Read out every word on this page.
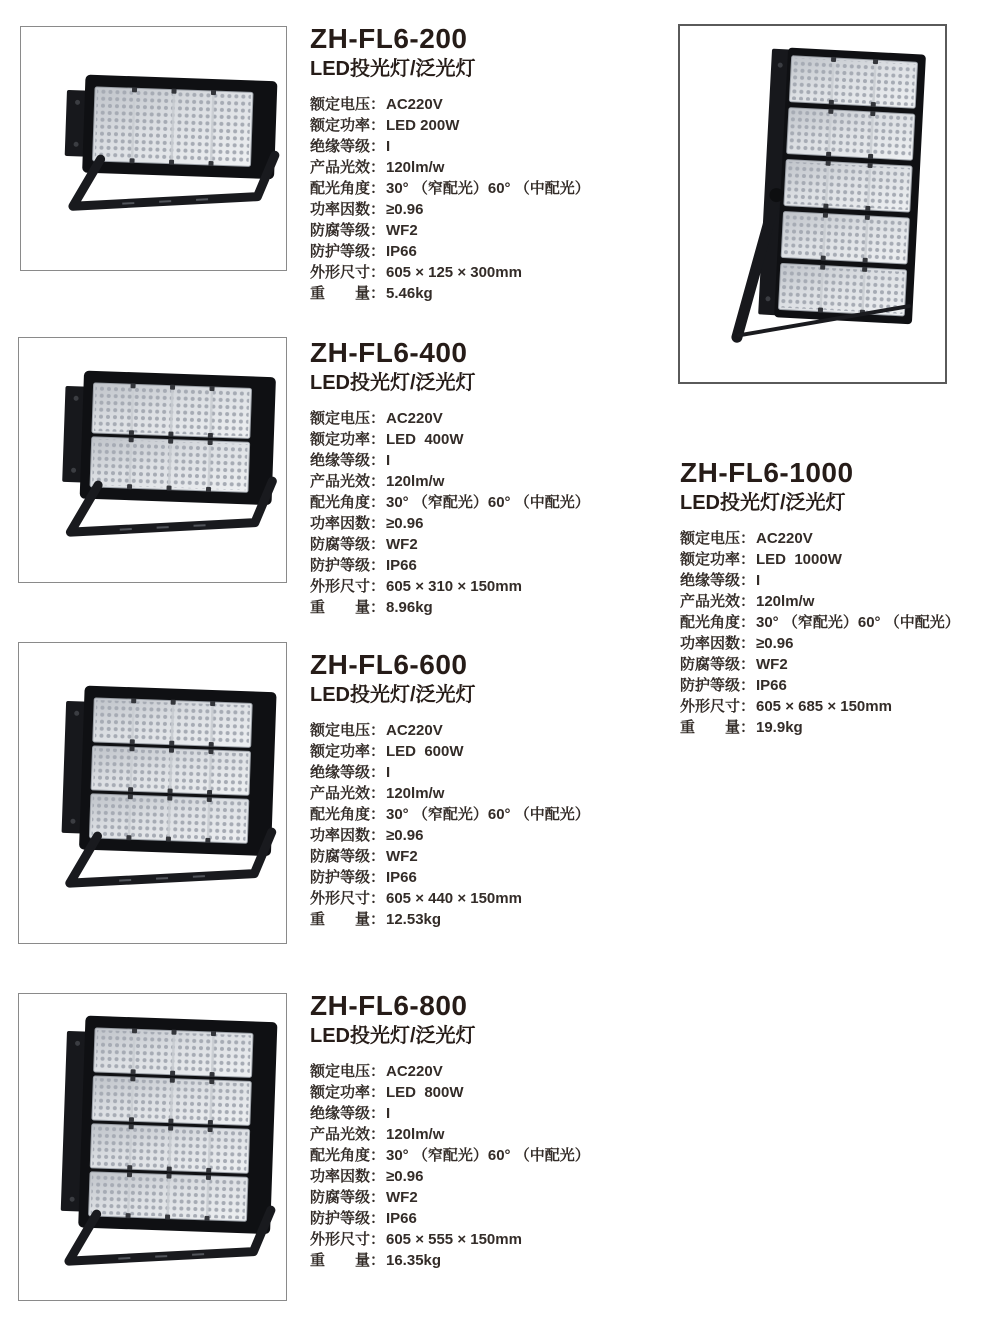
ZH-FL6-200
LED投光灯/泛光灯
额定电压：AC220V
额定功率：LED 200W
绝缘等级：I
产品光效：120lm/w
配光角度：30° （窄配光）60° （中配光）
功率因数：≥0.96
防腐等级：WF2
防护等级：IP66
外形尺寸：605 × 125 × 300mm
重　　量：5.46kg
ZH-FL6-400
LED投光灯/泛光灯
额定电压：AC220V
额定功率：LED  400W
绝缘等级：I
产品光效：120lm/w
配光角度：30° （窄配光）60° （中配光）
功率因数：≥0.96
防腐等级：WF2
防护等级：IP66
外形尺寸：605 × 310 × 150mm
重　　量：8.96kg
ZH-FL6-600
LED投光灯/泛光灯
额定电压：AC220V
额定功率：LED  600W
绝缘等级：I
产品光效：120lm/w
配光角度：30° （窄配光）60° （中配光）
功率因数：≥0.96
防腐等级：WF2
防护等级：IP66
外形尺寸：605 × 440 × 150mm
重　　量：12.53kg
ZH-FL6-800
LED投光灯/泛光灯
额定电压：AC220V
额定功率：LED  800W
绝缘等级：I
产品光效：120lm/w
配光角度：30° （窄配光）60° （中配光）
功率因数：≥0.96
防腐等级：WF2
防护等级：IP66
外形尺寸：605 × 555 × 150mm
重　　量：16.35kg
ZH-FL6-1000
LED投光灯/泛光灯
额定电压：AC220V
额定功率：LED  1000W
绝缘等级：I
产品光效：120lm/w
配光角度：30° （窄配光）60° （中配光）
功率因数：≥0.96
防腐等级：WF2
防护等级：IP66
外形尺寸：605 × 685 × 150mm
重　　量：19.9kg
